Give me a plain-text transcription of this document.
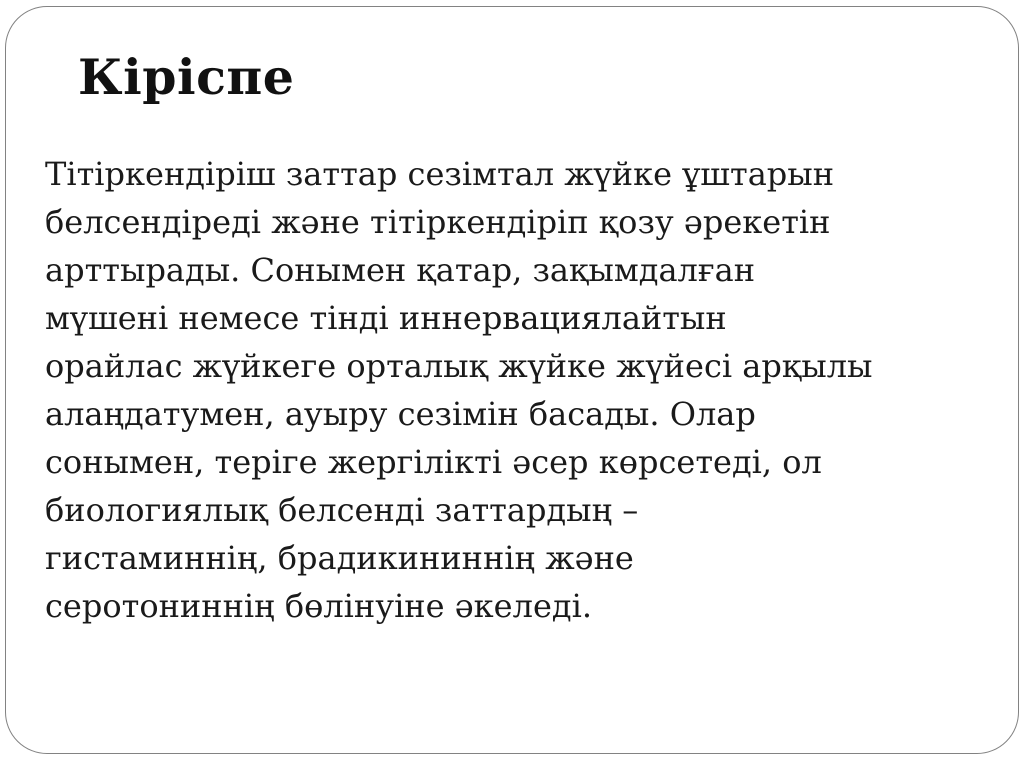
Кіріспе
Тітіркендіріш заттар сезімтал жүйке ұштарын
белсендіреді және тітіркендіріп қозу әрекетін
арттырады. Сонымен қатар, зақымдалған
мүшені немесе тінді иннервациялайтын
орайлас жүйкеге орталық жүйке жүйесі арқылы
алаңдатумен, ауыру сезімін басады. Олар
сонымен, теріге жергілікті әсер көрсетеді, ол
биологиялық белсенді заттардың –
гистаминнің, брадикининнің және
серотониннің бөлінуіне әкеледі.
